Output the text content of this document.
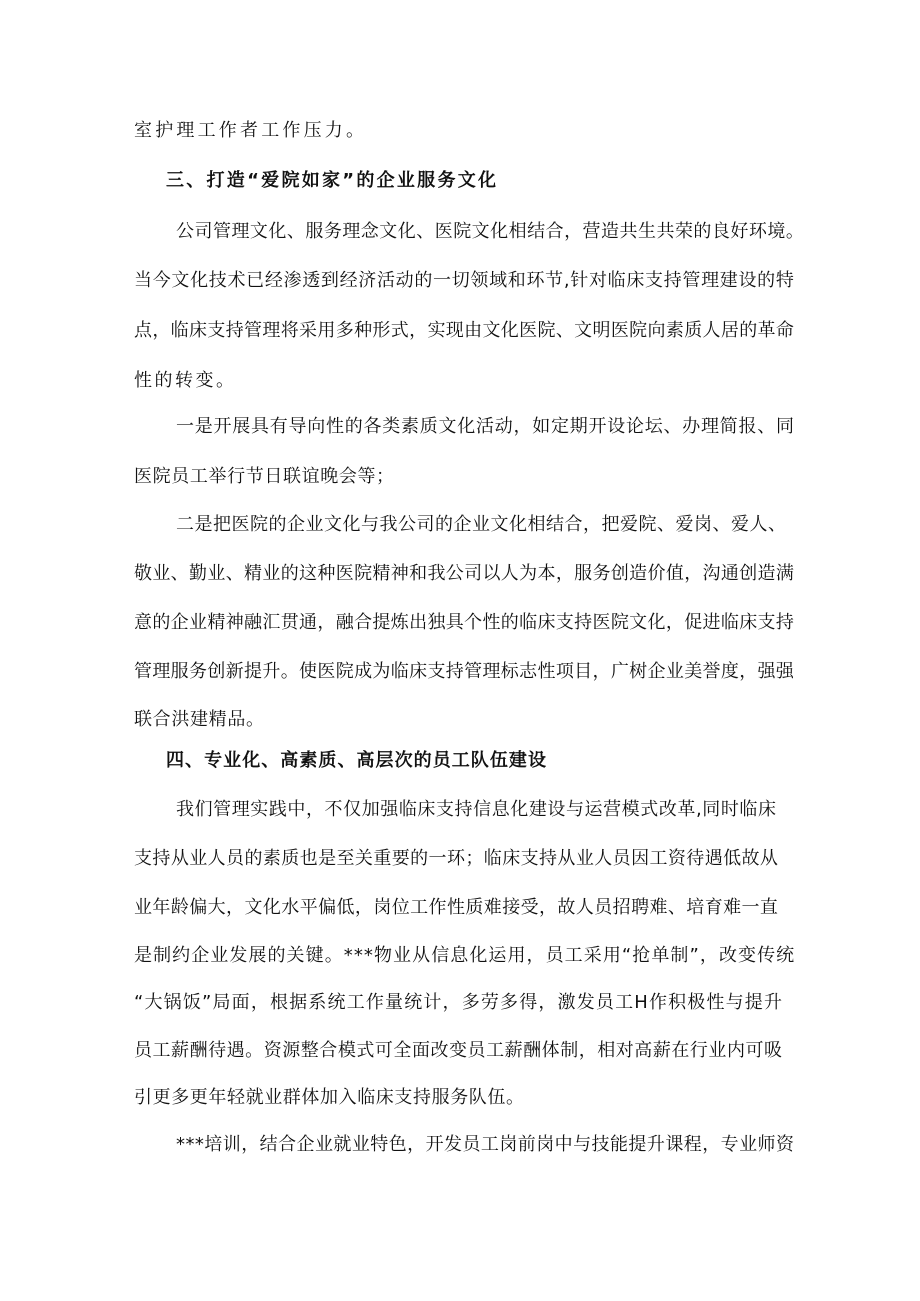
室护理工作者工作压力。

三、打造“爱院如家”的企业服务文化

公司管理文化、服务理念文化、医院文化相结合，营造共生共荣的良好环境。

当今文化技术已经渗透到经济活动的一切领域和环节,针对临床支持管理建设的特

点，临床支持管理将采用多种形式，实现由文化医院、文明医院向素质人居的革命

性的转变。

一是开展具有导向性的各类素质文化活动，如定期开设论坛、办理简报、同

医院员工举行节日联谊晚会等；

二是把医院的企业文化与我公司的企业文化相结合，把爱院、爱岗、爱人、

敬业、勤业、精业的这种医院精神和我公司以人为本，服务创造价值，沟通创造满

意的企业精神融汇贯通，融合提炼出独具个性的临床支持医院文化，促进临床支持

管理服务创新提升。使医院成为临床支持管理标志性项目，广树企业美誉度，强强

联合洪建精品。

四、专业化、高素质、高层次的员工队伍建设

我们管理实践中，不仅加强临床支持信息化建设与运营模式改革,同时临床

支持从业人员的素质也是至关重要的一环；临床支持从业人员因工资待遇低故从

业年龄偏大，文化水平偏低，岗位工作性质难接受，故人员招聘难、培育难一直

是制约企业发展的关键。***物业从信息化运用，员工采用“抢单制”，改变传统

“大锅饭”局面，根据系统工作量统计，多劳多得，激发员工H作积极性与提升

员工薪酬待遇。资源整合模式可全面改变员工薪酬体制，相对高薪在行业内可吸

引更多更年轻就业群体加入临床支持服务队伍。

***培训，结合企业就业特色，开发员工岗前岗中与技能提升课程，专业师资
